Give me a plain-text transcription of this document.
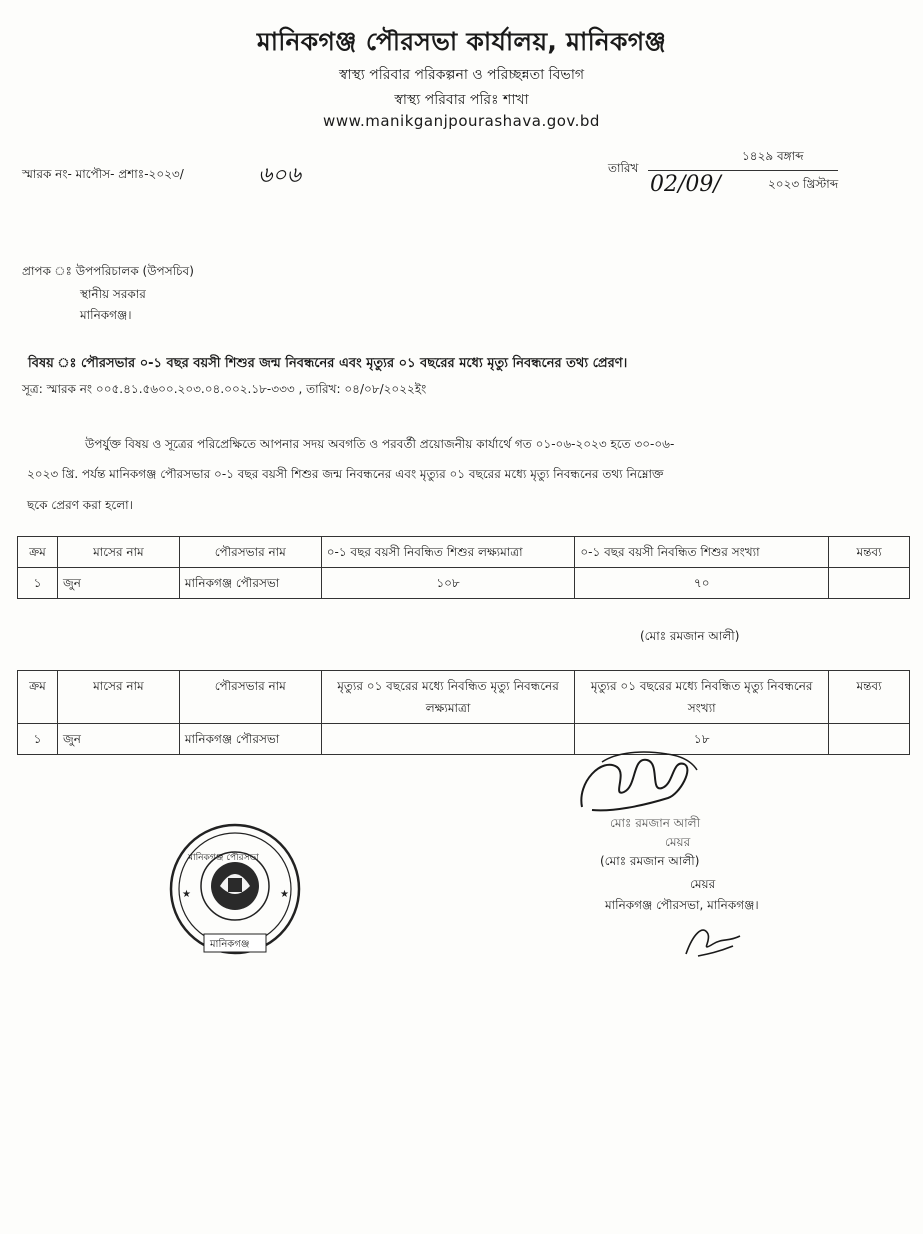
মানিকগঞ্জ পৌরসভা কার্যালয়, মানিকগঞ্জ
স্বাস্থ্য পরিবার পরিকল্পনা ও পরিচ্ছন্নতা বিভাগ
স্বাস্থ্য পরিবার পরিঃ শাখা
www.manikganjpourashava.gov.bd
স্মারক নং- মাপৌস- প্রশাঃ-২০২৩/	৬০৬	তারিখ
১৪২৯ বঙ্গাব্দ
02/09/	২০২৩ খ্রিস্টাব্দ
প্রাপক ঃ উপপরিচালক (উপসচিব)
স্থানীয় সরকার
মানিকগঞ্জ।
বিষয় ঃ পৌরসভার ০-১ বছর বয়সী শিশুর জন্ম নিবন্ধনের এবং মৃত্যুর ০১ বছরের মধ্যে মৃত্যু নিবন্ধনের তথ্য প্রেরণ।
সূত্র: স্মারক নং ০০৫.৪১.৫৬০০.২০৩.০৪.০০২.১৮-৩৩৩ , তারিখ: ০৪/০৮/২০২২ইং
উপর্যুক্ত বিষয় ও সূত্রের পরিপ্রেক্ষিতে আপনার সদয় অবগতি ও পরবর্তী প্রয়োজনীয় কার্যার্থে গত ০১-০৬-২০২৩ হতে ৩০-০৬-
২০২৩ খ্রি. পর্যন্ত মানিকগঞ্জ পৌরসভার ০-১ বছর বয়সী শিশুর জন্ম নিবন্ধনের এবং মৃত্যুর ০১ বছরের মধ্যে মৃত্যু নিবন্ধনের তথ্য নিম্নোক্ত
ছকে প্রেরণ করা হলো।
ক্রম	মাসের নাম	পৌরসভার নাম	০-১ বছর বয়সী নিবন্ধিত শিশুর লক্ষ্যমাত্রা	০-১ বছর বয়সী নিবন্ধিত শিশুর সংখ্যা	মন্তব্য
১	জুন	মানিকগঞ্জ পৌরসভা	১০৮	৭০	
(মোঃ রমজান আলী)
ক্রম	মাসের নাম	পৌরসভার নাম	মৃত্যুর ০১ বছরের মধ্যে নিবন্ধিত মৃত্যু নিবন্ধনের লক্ষ্যমাত্রা	মৃত্যুর ০১ বছরের মধ্যে নিবন্ধিত মৃত্যু নিবন্ধনের সংখ্যা	মন্তব্য
১	জুন	মানিকগঞ্জ পৌরসভা		১৮	
মোঃ রমজান আলী
মেয়র
(মোঃ রমজান আলী)
মেয়র
মানিকগঞ্জ পৌরসভা, মানিকগঞ্জ।
মানিকগঞ্জ পৌরসভা
মানিকগঞ্জ
★	★
